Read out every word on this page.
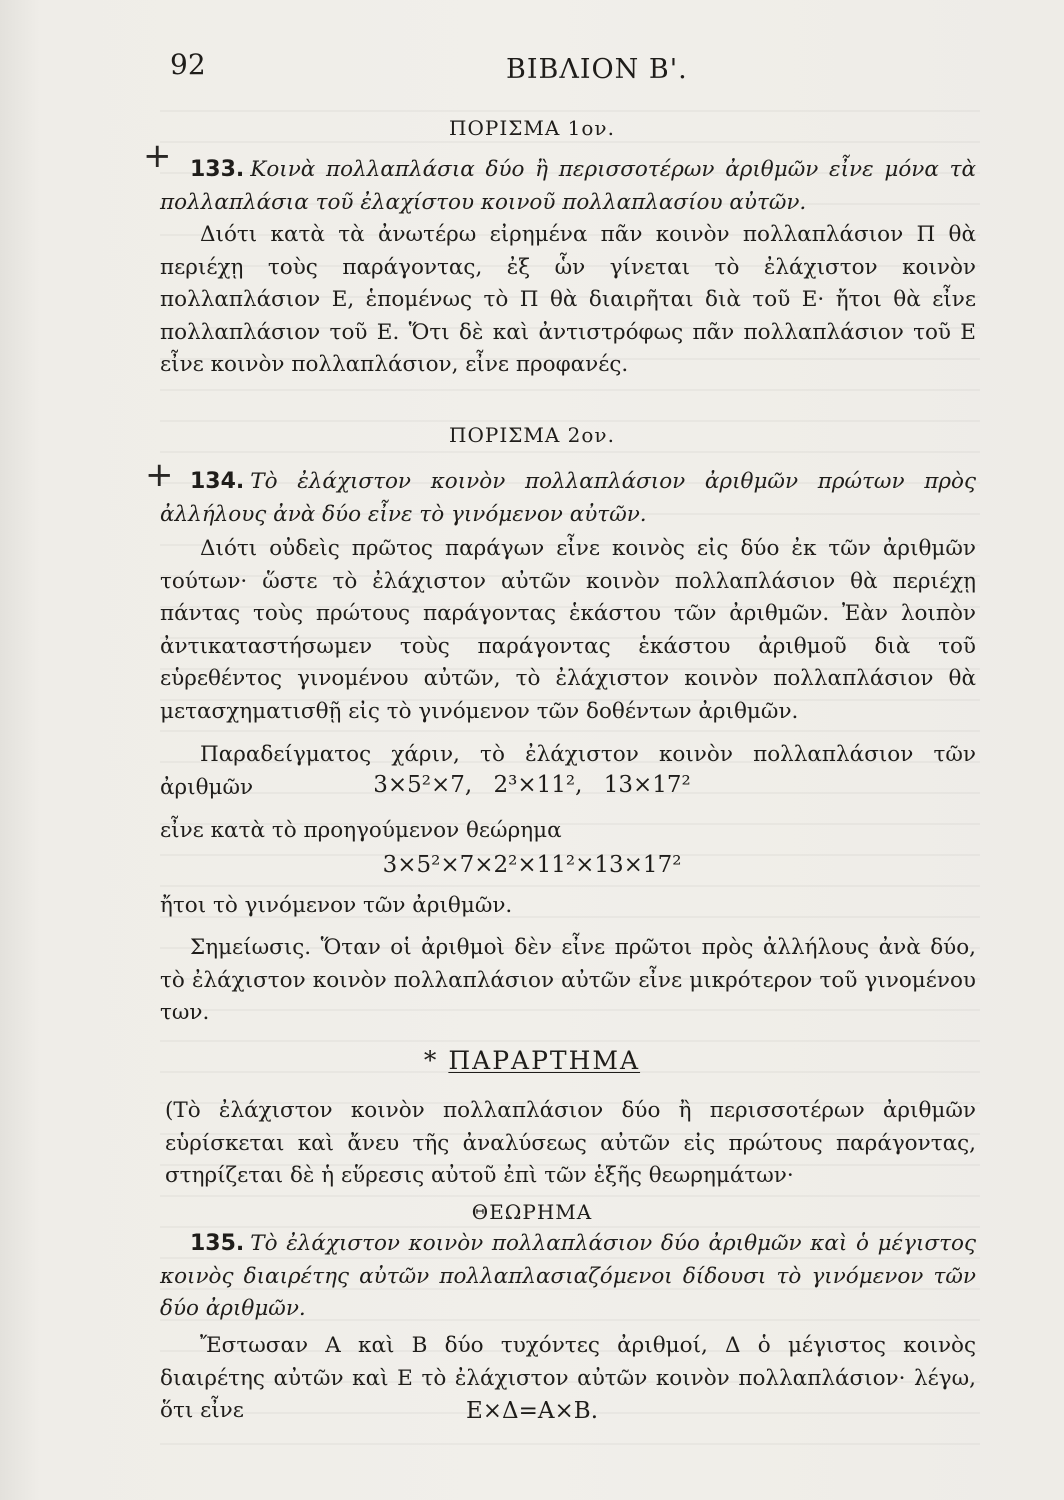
92	ΒΙΒΛΙΟΝ Β'.
ΠΟΡΙΣΜΑ 1ον.
+ 133. Κοινὰ πολλαπλάσια δύο ἢ περισσοτέρων ἀριθμῶν εἶνε μόνα τὰ πολλαπλάσια τοῦ ἐλαχίστου κοινοῦ πολλαπλασίου αὐτῶν.
Διότι κατὰ τὰ ἀνωτέρω εἰρημένα πᾶν κοινὸν πολλαπλάσιον Π θὰ περιέχῃ τοὺς παράγοντας, ἐξ ὧν γίνεται τὸ ἐλάχιστον κοινὸν πολλαπλάσιον Ε, ἑπομένως τὸ Π θὰ διαιρῆται διὰ τοῦ Ε· ἤτοι θὰ εἶνε πολλαπλάσιον τοῦ Ε. Ὅτι δὲ καὶ ἀντιστρόφως πᾶν πολλαπλάσιον τοῦ Ε εἶνε κοινὸν πολλαπλάσιον, εἶνε προφανές.
ΠΟΡΙΣΜΑ 2ον.
+ 134. Τὸ ἐλάχιστον κοινὸν πολλαπλάσιον ἀριθμῶν πρώτων πρὸς ἀλλήλους ἀνὰ δύο εἶνε τὸ γινόμενον αὐτῶν.
Διότι οὐδεὶς πρῶτος παράγων εἶνε κοινὸς εἰς δύο ἐκ τῶν ἀριθμῶν τούτων· ὥστε τὸ ἐλάχιστον αὐτῶν κοινὸν πολλαπλάσιον θὰ περιέχῃ πάντας τοὺς πρώτους παράγοντας ἑκάστου τῶν ἀριθμῶν. Ἐὰν λοιπὸν ἀντικαταστήσωμεν τοὺς παράγοντας ἑκάστου ἀριθμοῦ διὰ τοῦ εὑρεθέντος γινομένου αὐτῶν, τὸ ἐλάχιστον κοινὸν πολλαπλάσιον θὰ μετασχηματισθῇ εἰς τὸ γινόμενον τῶν δοθέντων ἀριθμῶν.
Παραδείγματος χάριν, τὸ ἐλάχιστον κοινὸν πολλαπλάσιον τῶν ἀριθμῶν	3×5²×7, 2³×11², 13×17²
εἶνε κατὰ τὸ προηγούμενον θεώρημα
3×5²×7×2²×11²×13×17²
ἤτοι τὸ γινόμενον τῶν ἀριθμῶν.
Σημείωσις. Ὅταν οἱ ἀριθμοὶ δὲν εἶνε πρῶτοι πρὸς ἀλλήλους ἀνὰ δύο, τὸ ἐλάχιστον κοινὸν πολλαπλάσιον αὐτῶν εἶνε μικρότερον τοῦ γινομένου των.
* ΠΑΡΑΡΤΗΜΑ
(Τὸ ἐλάχιστον κοινὸν πολλαπλάσιον δύο ἢ περισσοτέρων ἀριθμῶν εὑρίσκεται καὶ ἄνευ τῆς ἀναλύσεως αὐτῶν εἰς πρώτους παράγοντας, στηρίζεται δὲ ἡ εὕρεσις αὐτοῦ ἐπὶ τῶν ἑξῆς θεωρημάτων·
ΘΕΩΡΗΜΑ
135. Τὸ ἐλάχιστον κοινὸν πολλαπλάσιον δύο ἀριθμῶν καὶ ὁ μέγιστος κοινὸς διαιρέτης αὐτῶν πολλαπλασιαζόμενοι δίδουσι τὸ γινόμενον τῶν δύο ἀριθμῶν.
Ἔστωσαν Α καὶ Β δύο τυχόντες ἀριθμοί, Δ ὁ μέγιστος κοινὸς διαιρέτης αὐτῶν καὶ Ε τὸ ἐλάχιστον αὐτῶν κοινὸν πολλαπλάσιον· λέγω, ὅτι εἶνε	Ε×Δ=Α×Β.
